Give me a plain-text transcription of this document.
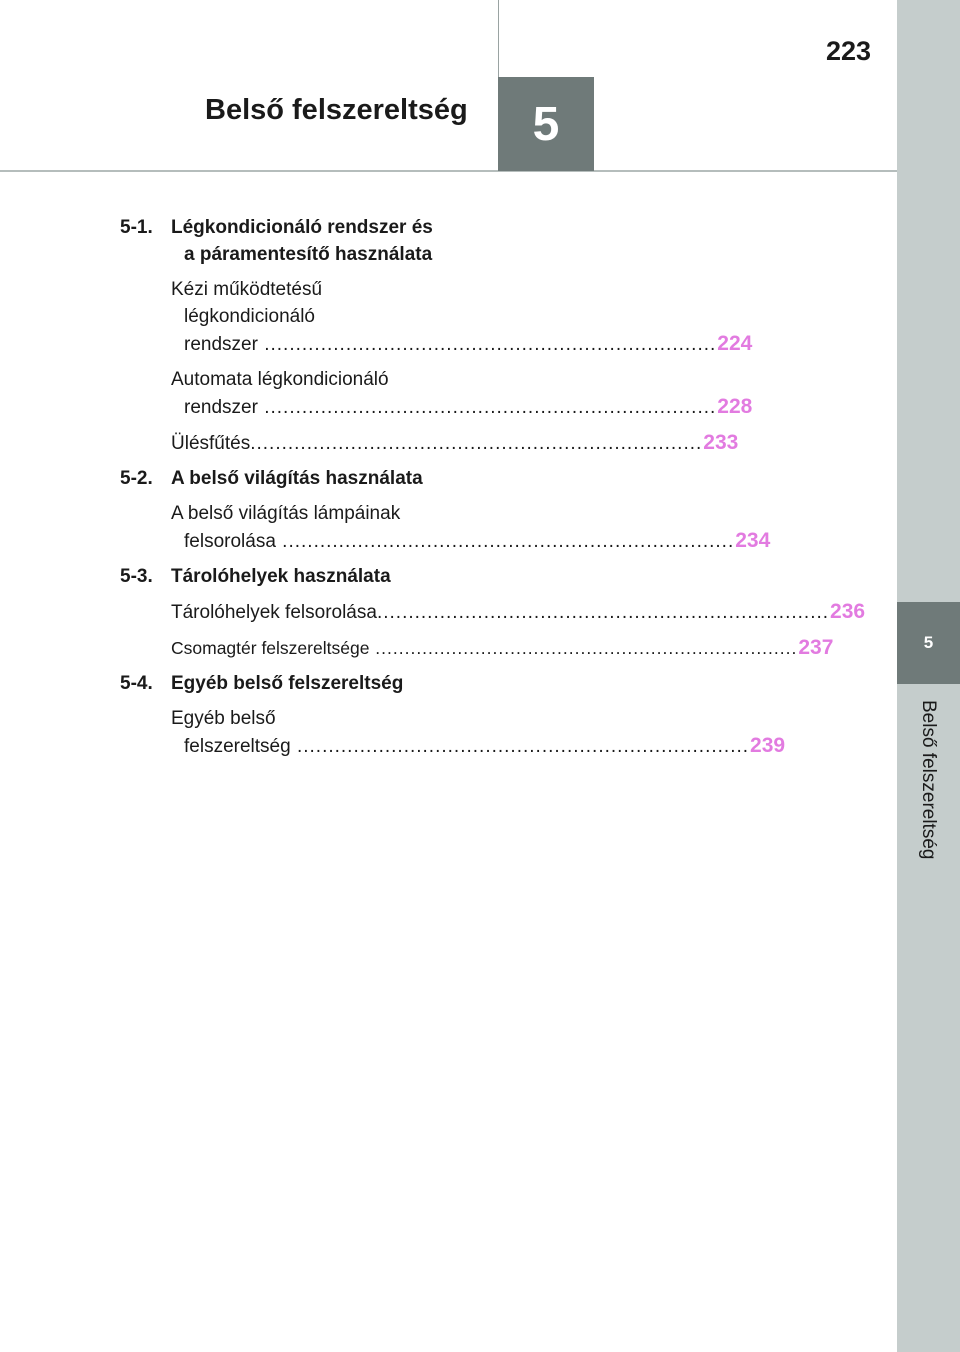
5
Belső felszereltség
5
Belső felszereltség
223
5-1. Légkondicionáló rendszer és
a páramentesítő használata
Kézi működtetésű
légkondicionáló
rendszer ........................................................................ 224
Automata légkondicionáló
rendszer ........................................................................ 228
Ülésfűtés ........................................................................ 233
5-2. A belső világítás használata
A belső világítás lámpáinak
felsorolása ........................................................................ 234
5-3. Tárolóhelyek használata
Tárolóhelyek felsorolása ........................................................................ 236
Csomagtér felszereltsége ........................................................................ 237
5-4. Egyéb belső felszereltség
Egyéb belső
felszereltség ........................................................................ 239
